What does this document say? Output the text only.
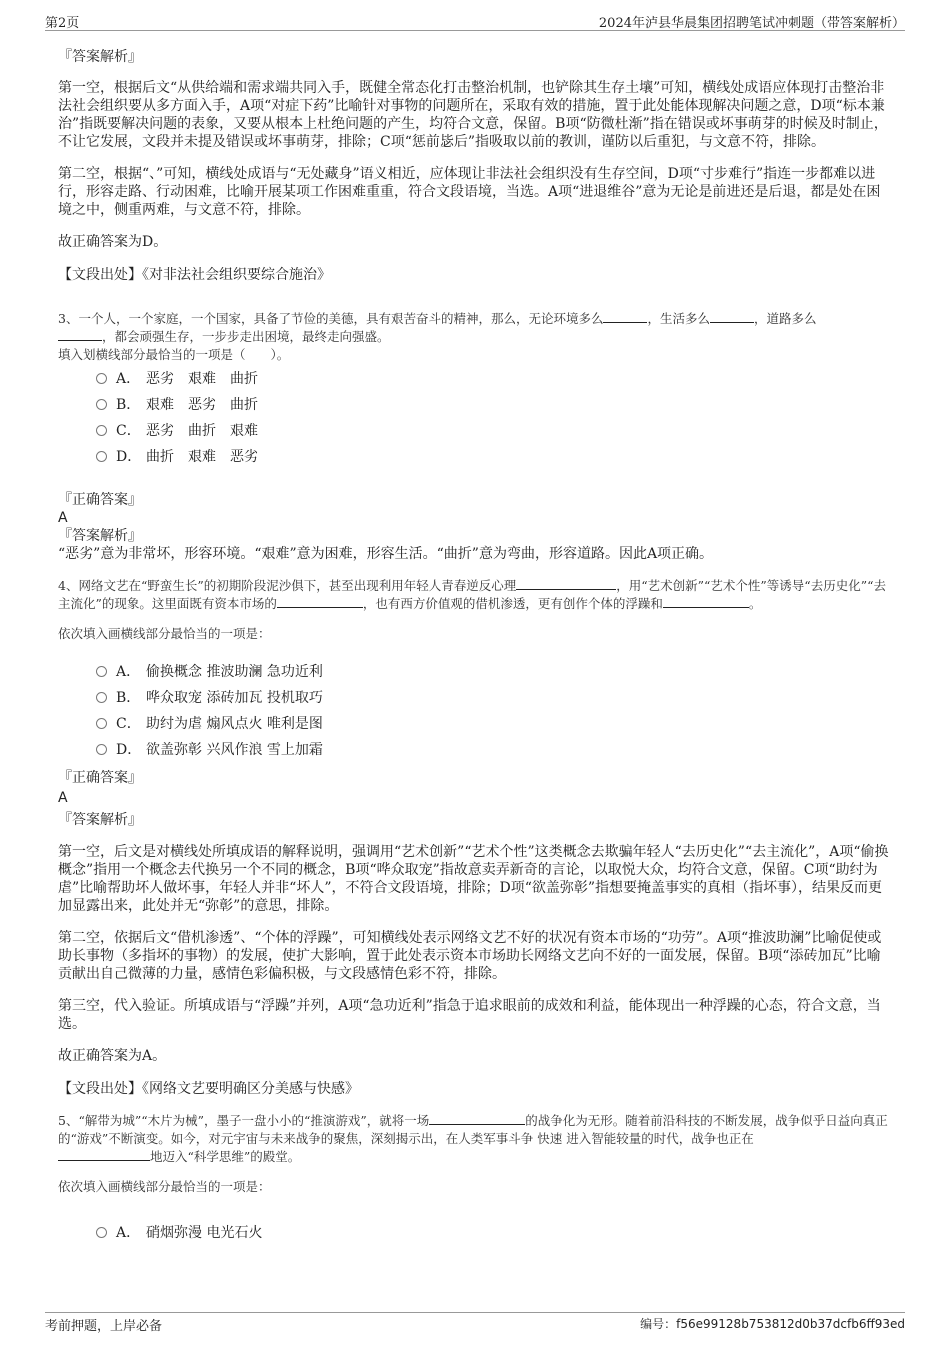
第2页	2024年泸县华晨集团招聘笔试冲刺题（带答案解析）

『答案解析』

第一空，根据后文“从供给端和需求端共同入手，既健全常态化打击整治机制，也铲除其生存土壤”可知，横线处成语应体现打击整治非法社会组织要从多方面入手，A项“对症下药”比喻针对事物的问题所在，采取有效的措施，置于此处能体现解决问题之意，D项“标本兼治”指既要解决问题的表象，又要从根本上杜绝问题的产生，均符合文意，保留。B项“防微杜渐”指在错误或坏事萌芽的时候及时制止，不让它发展，文段并未提及错误或坏事萌芽，排除；C项“惩前毖后”指吸取以前的教训，谨防以后重犯，与文意不符，排除。

第二空，根据“、”可知，横线处成语与“无处藏身”语义相近，应体现让非法社会组织没有生存空间，D项“寸步难行”指连一步都难以进行，形容走路、行动困难，比喻开展某项工作困难重重，符合文段语境，当选。A项“进退维谷”意为无论是前进还是后退，都是处在困境之中，侧重两难，与文意不符，排除。

故正确答案为D。

【文段出处】《对非法社会组织要综合施治》

3、一个人，一个家庭，一个国家，具备了节俭的美德，具有艰苦奋斗的精神，那么，无论环境多么	，生活多么	，道路多么
，都会顽强生存，一步步走出困境，最终走向强盛。

填入划横线部分最恰当的一项是（　　）。

A． 恶劣　艰难　曲折
B． 艰难　恶劣　曲折
C． 恶劣　曲折　艰难
D． 曲折　艰难　恶劣

『正确答案』

A

『答案解析』

“恶劣”意为非常坏，形容环境。“艰难”意为困难，形容生活。“曲折”意为弯曲，形容道路。因此A项正确。

4、网络文艺在“野蛮生长”的初期阶段泥沙俱下，甚至出现利用年轻人青春逆反心理	，用“艺术创新”“艺术个性”等诱导“去历史化”“去主流化”的现象。这里面既有资本市场的	，也有西方价值观的借机渗透，更有创作个体的浮躁和	。

依次填入画横线部分最恰当的一项是：

A． 偷换概念 推波助澜 急功近利
B． 哗众取宠 添砖加瓦 投机取巧
C． 助纣为虐 煽风点火 唯利是图
D． 欲盖弥彰 兴风作浪 雪上加霜

『正确答案』

A

『答案解析』

第一空，后文是对横线处所填成语的解释说明，强调用“艺术创新”“艺术个性”这类概念去欺骗年轻人“去历史化”“去主流化”，A项“偷换概念”指用一个概念去代换另一个不同的概念，B项“哗众取宠”指故意卖弄新奇的言论，以取悦大众，均符合文意，保留。C项“助纣为虐”比喻帮助坏人做坏事，年轻人并非“坏人”，不符合文段语境，排除；D项“欲盖弥彰”指想要掩盖事实的真相（指坏事），结果反而更加显露出来，此处并无“弥彰”的意思，排除。

第二空，依据后文“借机渗透”、“个体的浮躁”，可知横线处表示网络文艺不好的状况有资本市场的“功劳”。A项“推波助澜”比喻促使或助长事物（多指坏的事物）的发展，使扩大影响，置于此处表示资本市场助长网络文艺向不好的一面发展，保留。B项“添砖加瓦”比喻贡献出自己微薄的力量，感情色彩偏积极，与文段感情色彩不符，排除。

第三空，代入验证。所填成语与“浮躁”并列，A项“急功近利”指急于追求眼前的成效和利益，能体现出一种浮躁的心态，符合文意，当选。

故正确答案为A。

【文段出处】《网络文艺要明确区分美感与快感》

5、“解带为城”“木片为械”，墨子一盘小小的“推演游戏”，就将一场	的战争化为无形。随着前沿科技的不断发展，战争似乎日益向真正的“游戏”不断演变。如今，对元宇宙与未来战争的聚焦，深刻揭示出，在人类军事斗争 快速 进入智能较量的时代，战争也正在
地迈入“科学思维”的殿堂。

依次填入画横线部分最恰当的一项是：

A． 硝烟弥漫 电光石火
考前押题，上岸必备	编号：f56e99128b753812d0b37dcfb6ff93ed
